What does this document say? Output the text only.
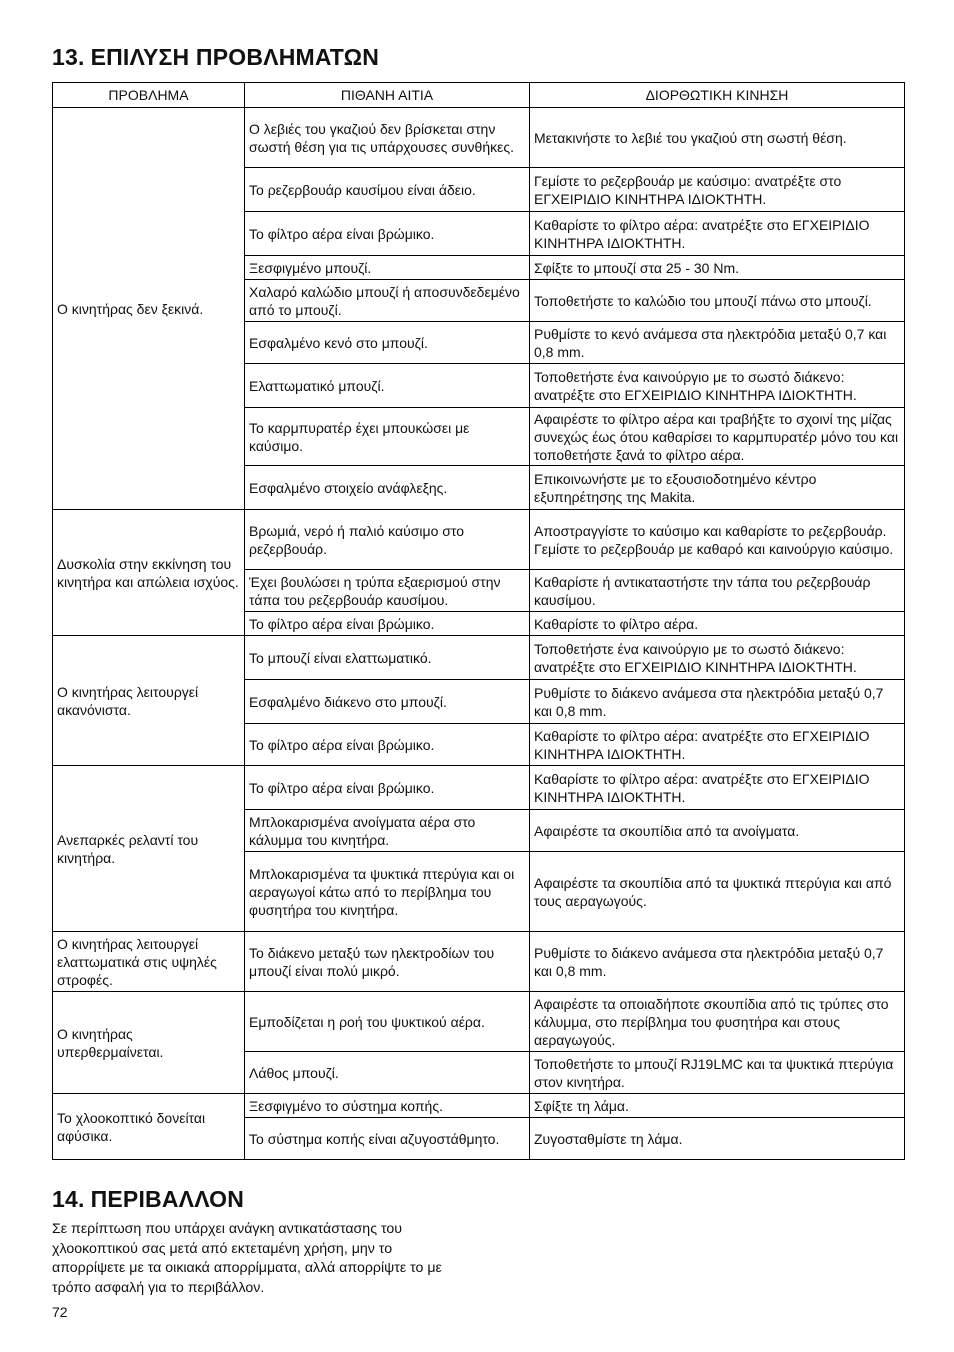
13. ΕΠΙΛΥΣΗ ΠΡΟΒΛΗΜΑΤΩΝ
ΠΡΟΒΛΗΜΑ	ΠΙΘΑΝΗ ΑΙΤΙΑ	ΔΙΟΡΘΩΤΙΚΗ ΚΙΝΗΣΗ
Ο κινητήρας δεν ξεκινά.	Ο λεβιές του γκαζιού δεν βρίσκεται στην σωστή θέση για τις υπάρχουσες συνθήκες.	Μετακινήστε το λεβιέ του γκαζιού στη σωστή θέση.
	Το ρεζερβουάρ καυσίμου είναι άδειο.	Γεμίστε το ρεζερβουάρ με καύσιμο: ανατρέξτε στο ΕΓΧΕΙΡΙΔΙΟ ΚΙΝΗΤΗΡΑ ΙΔΙΟΚΤΗΤΗ.
	Το φίλτρο αέρα είναι βρώμικο.	Καθαρίστε το φίλτρο αέρα: ανατρέξτε στο ΕΓΧΕΙΡΙΔΙΟ ΚΙΝΗΤΗΡΑ ΙΔΙΟΚΤΗΤΗ.
	Ξεσφιγμένο μπουζί.	Σφίξτε το μπουζί στα 25 - 30 Nm.
	Χαλαρό καλώδιο μπουζί ή αποσυνδεδεμένο από το μπουζί.	Τοποθετήστε το καλώδιο του μπουζί πάνω στο μπουζί.
	Εσφαλμένο κενό στο μπουζί.	Ρυθμίστε το κενό ανάμεσα στα ηλεκτρόδια μεταξύ 0,7 και 0,8 mm.
	Ελαττωματικό μπουζί.	Τοποθετήστε ένα καινούργιο με το σωστό διάκενο: ανατρέξτε στο ΕΓΧΕΙΡΙΔΙΟ ΚΙΝΗΤΗΡΑ ΙΔΙΟΚΤΗΤΗ.
	Το καρμπυρατέρ έχει μπουκώσει με καύσιμο.	Αφαιρέστε το φίλτρο αέρα και τραβήξτε το σχοινί της μίζας συνεχώς έως ότου καθαρίσει το καρμπυρατέρ μόνο του και τοποθετήστε ξανά το φίλτρο αέρα.
	Εσφαλμένο στοιχείο ανάφλεξης.	Επικοινωνήστε με το εξουσιοδοτημένο κέντρο εξυπηρέτησης της Makita.
Δυσκολία στην εκκίνηση του κινητήρα και απώλεια ισχύος.	Βρωμιά, νερό ή παλιό καύσιμο στο ρεζερβουάρ.	Αποστραγγίστε το καύσιμο και καθαρίστε το ρεζερβουάρ. Γεμίστε το ρεζερβουάρ με καθαρό και καινούργιο καύσιμο.
	Έχει βουλώσει η τρύπα εξαερισμού στην τάπα του ρεζερβουάρ καυσίμου.	Καθαρίστε ή αντικαταστήστε την τάπα του ρεζερβουάρ καυσίμου.
	Το φίλτρο αέρα είναι βρώμικο.	Καθαρίστε το φίλτρο αέρα.
Ο κινητήρας λειτουργεί ακανόνιστα.	Το μπουζί είναι ελαττωματικό.	Τοποθετήστε ένα καινούργιο με το σωστό διάκενο: ανατρέξτε στο ΕΓΧΕΙΡΙΔΙΟ ΚΙΝΗΤΗΡΑ ΙΔΙΟΚΤΗΤΗ.
	Εσφαλμένο διάκενο στο μπουζί.	Ρυθμίστε το διάκενο ανάμεσα στα ηλεκτρόδια μεταξύ 0,7 και 0,8 mm.
	Το φίλτρο αέρα είναι βρώμικο.	Καθαρίστε το φίλτρο αέρα: ανατρέξτε στο ΕΓΧΕΙΡΙΔΙΟ ΚΙΝΗΤΗΡΑ ΙΔΙΟΚΤΗΤΗ.
Ανεπαρκές ρελαντί του κινητήρα.	Το φίλτρο αέρα είναι βρώμικο.	Καθαρίστε το φίλτρο αέρα: ανατρέξτε στο ΕΓΧΕΙΡΙΔΙΟ ΚΙΝΗΤΗΡΑ ΙΔΙΟΚΤΗΤΗ.
	Μπλοκαρισμένα ανοίγματα αέρα στο κάλυμμα του κινητήρα.	Αφαιρέστε τα σκουπίδια από τα ανοίγματα.
	Μπλοκαρισμένα τα ψυκτικά πτερύγια και οι αεραγωγοί κάτω από το περίβλημα του φυσητήρα του κινητήρα.	Αφαιρέστε τα σκουπίδια από τα ψυκτικά πτερύγια και από τους αεραγωγούς.
Ο κινητήρας λειτουργεί ελαττωματικά στις υψηλές στροφές.	Το διάκενο μεταξύ των ηλεκτροδίων του μπουζί είναι πολύ μικρό.	Ρυθμίστε το διάκενο ανάμεσα στα ηλεκτρόδια μεταξύ 0,7 και 0,8 mm.
Ο κινητήρας υπερθερμαίνεται.	Εμποδίζεται η ροή του ψυκτικού αέρα.	Αφαιρέστε τα οποιαδήποτε σκουπίδια από τις τρύπες στο κάλυμμα, στο περίβλημα του φυσητήρα και στους αεραγωγούς.
	Λάθος μπουζί.	Τοποθετήστε το μπουζί RJ19LMC και τα ψυκτικά πτερύγια στον κινητήρα.
Το χλοοκοπτικό δονείται αφύσικα.	Ξεσφιγμένο το σύστημα κοπής.	Σφίξτε τη λάμα.
	Το σύστημα κοπής είναι αζυγοστάθμητο.	Ζυγοσταθμίστε τη λάμα.
14. ΠΕΡΙΒΑΛΛΟΝ

Σε περίπτωση που υπάρχει ανάγκη αντικατάστασης του χλοοκοπτικού σας μετά από εκτεταμένη χρήση, μην το απορρίψετε με τα οικιακά απορρίμματα, αλλά απορρίψτε το με τρόπο ασφαλή για το περιβάλλον.

72
